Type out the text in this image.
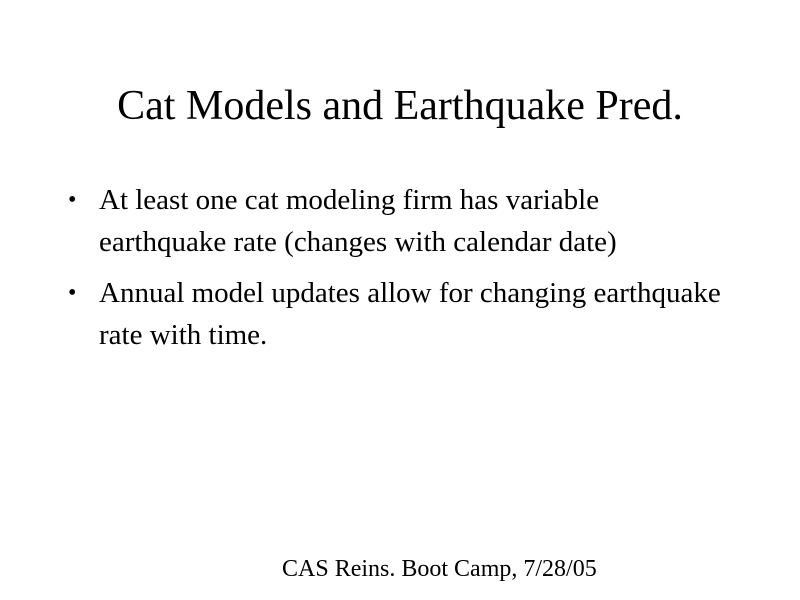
Cat Models and Earthquake Pred.
• At least one cat modeling firm has variable earthquake rate (changes with calendar date)
• Annual model updates allow for changing earthquake rate with time.
CAS Reins. Boot Camp, 7/28/05
